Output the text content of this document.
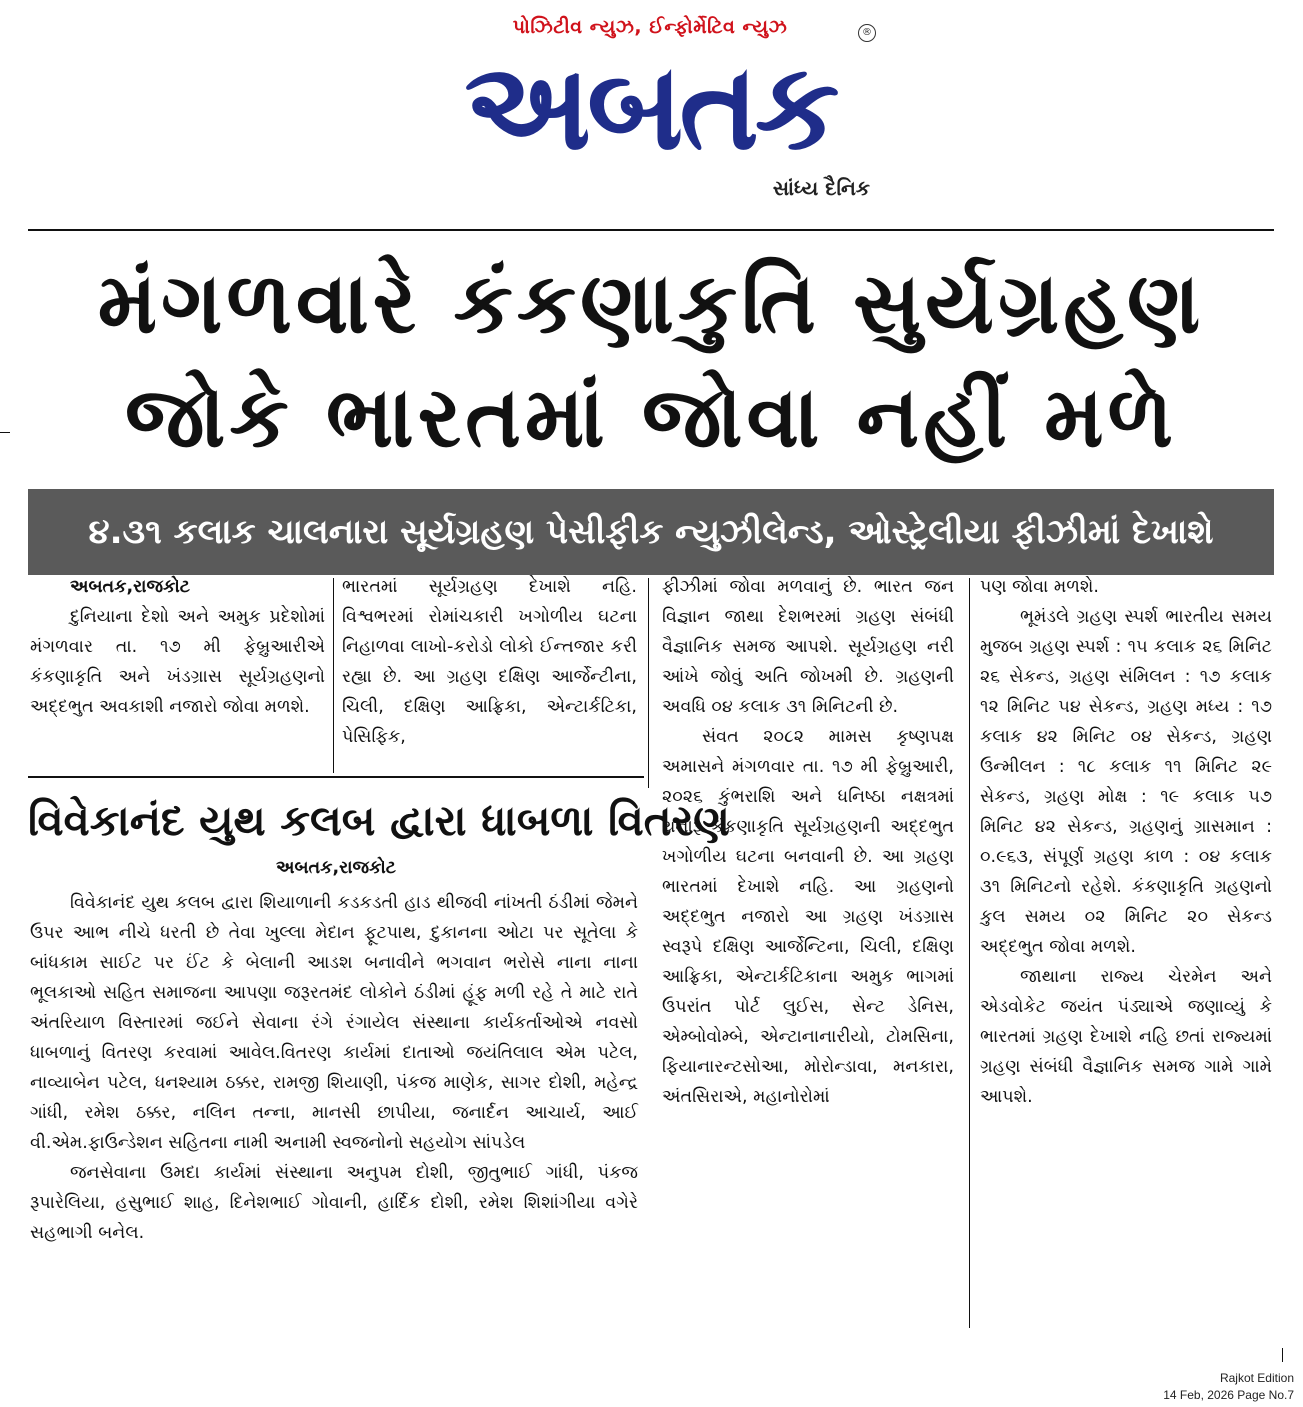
પોઝિટીવ ન્યુઝ, ઈન્ફોર્મેટિવ ન્યુઝ	®
અબતક
સાંધ્ય દૈનિક
મંગળવારે કંકણાકુતિ સુર્યગ્રહણ
જોકે ભારતમાં જોવા નહીં મળે
૪.૩૧ કલાક ચાલનારા સૂર્યગ્રહણ પેસીફીક ન્યુઝીલેન્ડ, ઓસ્ટ્રેલીયા ફીઝીમાં દેખાશે

અબતક,રાજકોટ

દુનિયાના દેશો અને અમુક પ્રદેશોમાં મંગળવાર તા. ૧૭ મી ફેબ્રુઆરીએ કંકણાકૃતિ અને ખંડગ્રાસ સૂર્યગ્રહણનો અદ્દભુત અવકાશી નજારો જોવા મળશે.

ભારતમાં સૂર્યગ્રહણ દેખાશે નહિ. વિશ્વભરમાં રોમાંચકારી ખગોળીય ઘટના નિહાળવા લાખો-કરોડો લોકો ઈન્તજાર કરી રહ્યા છે. આ ગ્રહણ દક્ષિણ આર્જેન્ટીના, ચિલી, દક્ષિણ આફ્રિકા, એન્ટાર્કટિકા, પેસિફિક,

ફીઝીમાં જોવા મળવાનું છે. ભારત જન વિજ્ઞાન જાથા દેશભરમાં ગ્રહણ સંબંધી વૈજ્ઞાનિક સમજ આપશે. સૂર્યગ્રહણ નરી આંખે જોવું અતિ જોખમી છે. ગ્રહણની અવધિ ૦૪ કલાક ૩૧ મિનિટની છે.

સંવત ૨૦૮૨ મામસ કૃષ્ણપક્ષ અમાસને મંગળવાર તા. ૧૭ મી ફેબ્રુઆરી, ૨૦૨૬ કુંભરાશિ અને ધનિષ્ઠા નક્ષત્રમાં થનારૂ કંકણાકૃતિ સૂર્યગ્રહણની અદ્દભુત ખગોળીય ઘટના બનવાની છે. આ ગ્રહણ ભારતમાં દેખાશે નહિ. આ ગ્રહણનો અદ્દભુત નજારો આ ગ્રહણ ખંડગ્રાસ સ્વરૂપે દક્ષિણ આર્જેન્ટિના, ચિલી, દક્ષિણ આફ્રિકા, એન્ટાર્કટિકાના અમુક ભાગમાં ઉપરાંત પોર્ટ લુઈસ, સેન્ટ ડેનિસ, એમ્બોવોમ્બે, એન્ટાનાનારીયો, ટોમસિના, ફિયાનારન્ટસોઆ, મોરોન્ડાવા, મનકારા, અંતસિરાએ, મહાનોરોમાં

પણ જોવા મળશે.

ભૂમંડલે ગ્રહણ સ્પર્શ ભારતીય સમય મુજબ ગ્રહણ સ્પર્શ : ૧૫ કલાક ૨૬ મિનિટ ૨૬ સેકન્ડ, ગ્રહણ સંમિલન : ૧૭ કલાક ૧૨ મિનિટ ૫૪ સેકન્ડ, ગ્રહણ મધ્ય : ૧૭ કલાક ૪૨ મિનિટ ૦૪ સેકન્ડ, ગ્રહણ ઉન્મીલન : ૧૮ કલાક ૧૧ મિનિટ ૨૯ સેકન્ડ, ગ્રહણ મોક્ષ : ૧૯ કલાક ૫૭ મિનિટ ૪૨ સેકન્ડ, ગ્રહણનું ગ્રાસમાન : ૦.૯૬૩, સંપૂર્ણ ગ્રહણ કાળ : ૦૪ કલાક ૩૧ મિનિટનો રહેશે. કંકણાકૃતિ ગ્રહણનો કુલ સમય ૦૨ મિનિટ ૨૦ સેકન્ડ અદ્દભુત જોવા મળશે.

જાથાના રાજ્ય ચેરમેન અને એડવોકેટ જયંત પંડ્યાએ જણાવ્યું કે ભારતમાં ગ્રહણ દેખાશે નહિ છતાં રાજ્યમાં ગ્રહણ સંબંધી વૈજ્ઞાનિક સમજ ગામે ગામે આપશે.

વિવેકાનંદ યુથ કલબ દ્વારા ધાબળા વિતરણ
અબતક,રાજકોટ

વિવેકાનંદ યુથ કલબ દ્વારા શિયાળાની કડકડતી હાડ થીજવી નાંખતી ઠંડીમાં જેમને ઉપર આભ નીચે ધરતી છે તેવા ખુલ્લા મેદાન ફૂટપાથ, દુકાનના ઓટા પર સૂતેલા કે બાંધકામ સાઈટ પર ઈંટ કે બેલાની આડશ બનાવીને ભગવાન ભરોસે નાના નાના ભૂલકાઓ સહિત સમાજના આપણા જરૂરતમંદ લોકોને ઠંડીમાં હૂંફ મળી રહે તે માટે રાતે અંતરિયાળ વિસ્તારમાં જઈને સેવાના રંગે રંગાયેલ સંસ્થાના કાર્યકર્તાઓએ નવસો ધાબળાનું વિતરણ કરવામાં આવેલ.વિતરણ કાર્યમાં દાતાઓ જયંતિલાલ એમ પટેલ, નાવ્યાબેન પટેલ, ધનશ્યામ ઠક્કર, રામજી શિયાણી, પંકજ માણેક, સાગર દોશી, મહેન્દ્ર ગાંધી, રમેશ ઠક્કર, નલિન તન્ના, માનસી છાપીયા, જનાર્દન આચાર્ય, આઈ વી.એમ.ફાઉન્ડેશન સહિતના નામી અનામી સ્વજનોનો સહયોગ સાંપડેલ

જનસેવાના ઉમદા કાર્યમાં સંસ્થાના અનુપમ દોશી, જીતુભાઈ ગાંધી, પંકજ રૂપારેલિયા, હસુભાઈ શાહ, દિનેશભાઈ ગોવાની, હાર્દિક દોશી, રમેશ શિશાંગીયા વગેરે સહભાગી બનેલ.

Rajkot Edition
14 Feb, 2026 Page No.7
